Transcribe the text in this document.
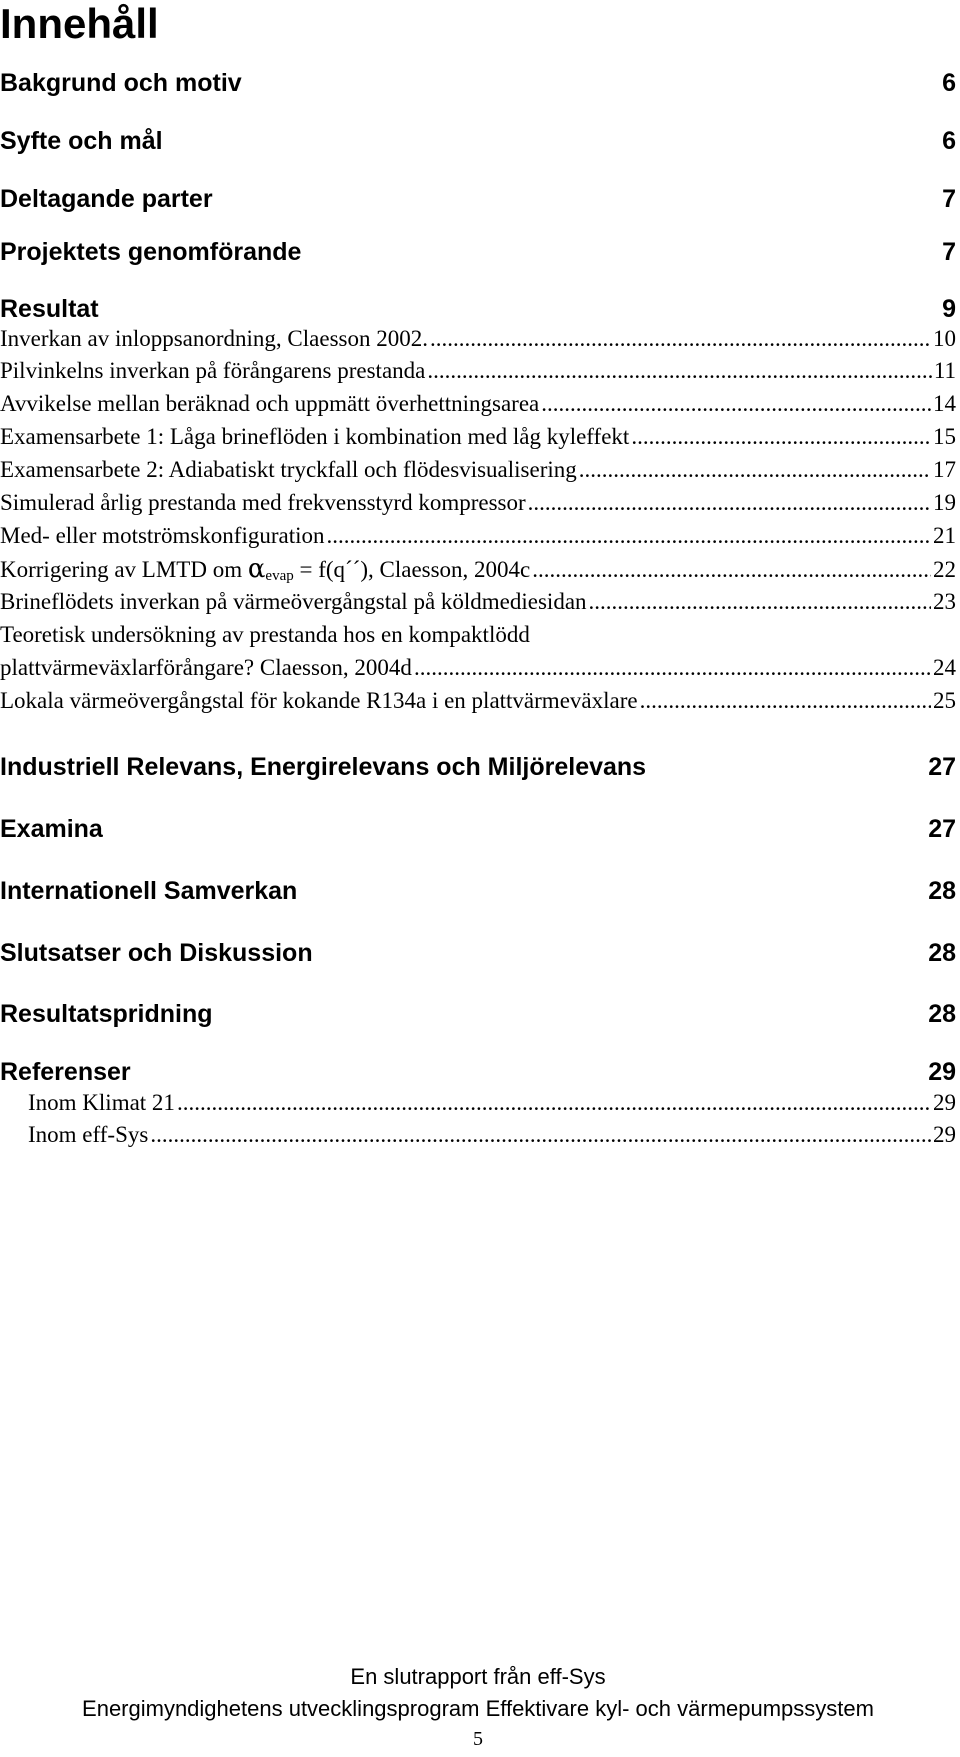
Innehåll
Bakgrund och motiv	6
Syfte och mål	6
Deltagande parter	7
Projektets genomförande	7
Resultat	9
Inverkan av inloppsanordning, Claesson 2002. .....	10
Pilvinkelns inverkan på förångarens prestanda .....	11
Avvikelse mellan beräknad och uppmätt överhettningsarea .....	14
Examensarbete 1: Låga brineflöden i kombination med låg kyleffekt .....	15
Examensarbete 2: Adiabatiskt tryckfall och flödesvisualisering .....	17
Simulerad årlig prestanda med frekvensstyrd kompressor .....	19
Med- eller motströmskonfiguration .....	21
Korrigering av LMTD om $\alpha_{evap}$ = f(q´´), Claesson, 2004c .....	22
Brineflödets inverkan på värmeövergångstal på köldmediesidan .....	23
Teoretisk undersökning av prestanda hos en kompaktlödd
plattvärmeväxlarförångare? Claesson, 2004d .....	24
Lokala värmeövergångstal för kokande R134a i en plattvärmeväxlare .....	25
Industriell Relevans, Energirelevans och Miljörelevans	27
Examina	27
Internationell Samverkan	28
Slutsatser och Diskussion	28
Resultatspridning	28
Referenser	29
Inom Klimat 21 .....	29
Inom eff-Sys .....	29
En slutrapport från eff-Sys
Energimyndighetens utvecklingsprogram Effektivare kyl- och värmepumpssystem
5
